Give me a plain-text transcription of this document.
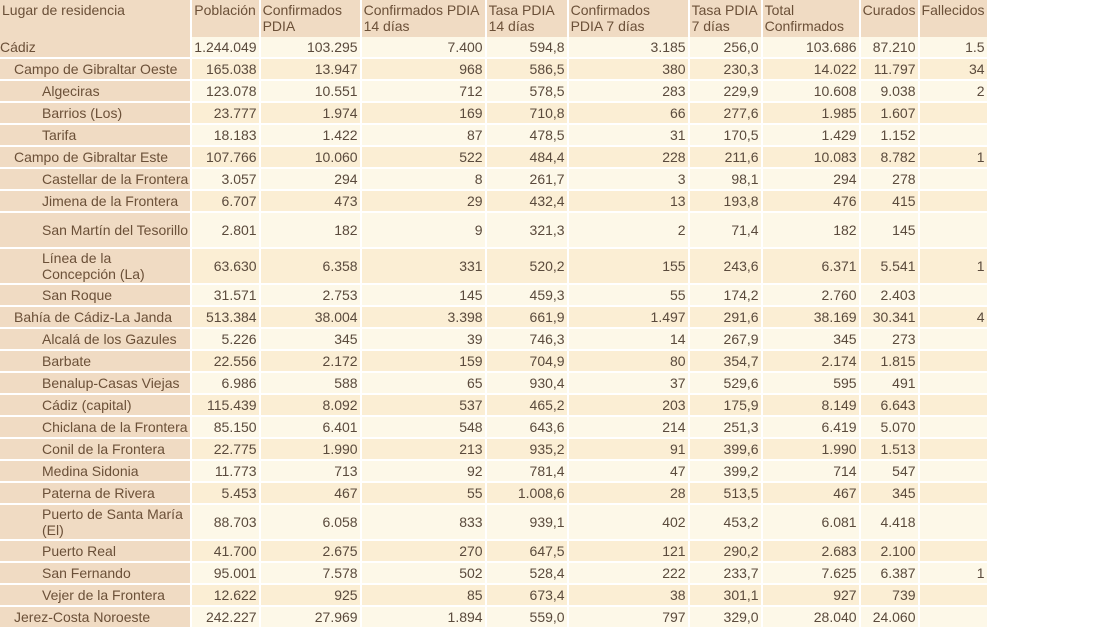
Lugar de residencia	Población	Confirmados PDIA	Confirmados PDIA 14 días	Tasa PDIA 14 días	Confirmados PDIA 7 días	Tasa PDIA 7 días	Total Confirmados	Curados	Fallecidos
Cádiz	1.244.049	103.295	7.400	594,8	3.185	256,0	103.686	87.210	1.5
Campo de Gibraltar Oeste	165.038	13.947	968	586,5	380	230,3	14.022	11.797	34
Algeciras	123.078	10.551	712	578,5	283	229,9	10.608	9.038	2
Barrios (Los)	23.777	1.974	169	710,8	66	277,6	1.985	1.607	
Tarifa	18.183	1.422	87	478,5	31	170,5	1.429	1.152	
Campo de Gibraltar Este	107.766	10.060	522	484,4	228	211,6	10.083	8.782	1
Castellar de la Frontera	3.057	294	8	261,7	3	98,1	294	278	
Jimena de la Frontera	6.707	473	29	432,4	13	193,8	476	415	
San Martín del Tesorillo	2.801	182	9	321,3	2	71,4	182	145	
Línea de la Concepción (La)	63.630	6.358	331	520,2	155	243,6	6.371	5.541	1
San Roque	31.571	2.753	145	459,3	55	174,2	2.760	2.403	
Bahía de Cádiz-La Janda	513.384	38.004	3.398	661,9	1.497	291,6	38.169	30.341	4
Alcalá de los Gazules	5.226	345	39	746,3	14	267,9	345	273	
Barbate	22.556	2.172	159	704,9	80	354,7	2.174	1.815	
Benalup-Casas Viejas	6.986	588	65	930,4	37	529,6	595	491	
Cádiz (capital)	115.439	8.092	537	465,2	203	175,9	8.149	6.643	
Chiclana de la Frontera	85.150	6.401	548	643,6	214	251,3	6.419	5.070	
Conil de la Frontera	22.775	1.990	213	935,2	91	399,6	1.990	1.513	
Medina Sidonia	11.773	713	92	781,4	47	399,2	714	547	
Paterna de Rivera	5.453	467	55	1.008,6	28	513,5	467	345	
Puerto de Santa María (El)	88.703	6.058	833	939,1	402	453,2	6.081	4.418	
Puerto Real	41.700	2.675	270	647,5	121	290,2	2.683	2.100	
San Fernando	95.001	7.578	502	528,4	222	233,7	7.625	6.387	1
Vejer de la Frontera	12.622	925	85	673,4	38	301,1	927	739	
Jerez-Costa Noroeste	242.227	27.969	1.894	559,0	797	329,0	28.040	24.060	
